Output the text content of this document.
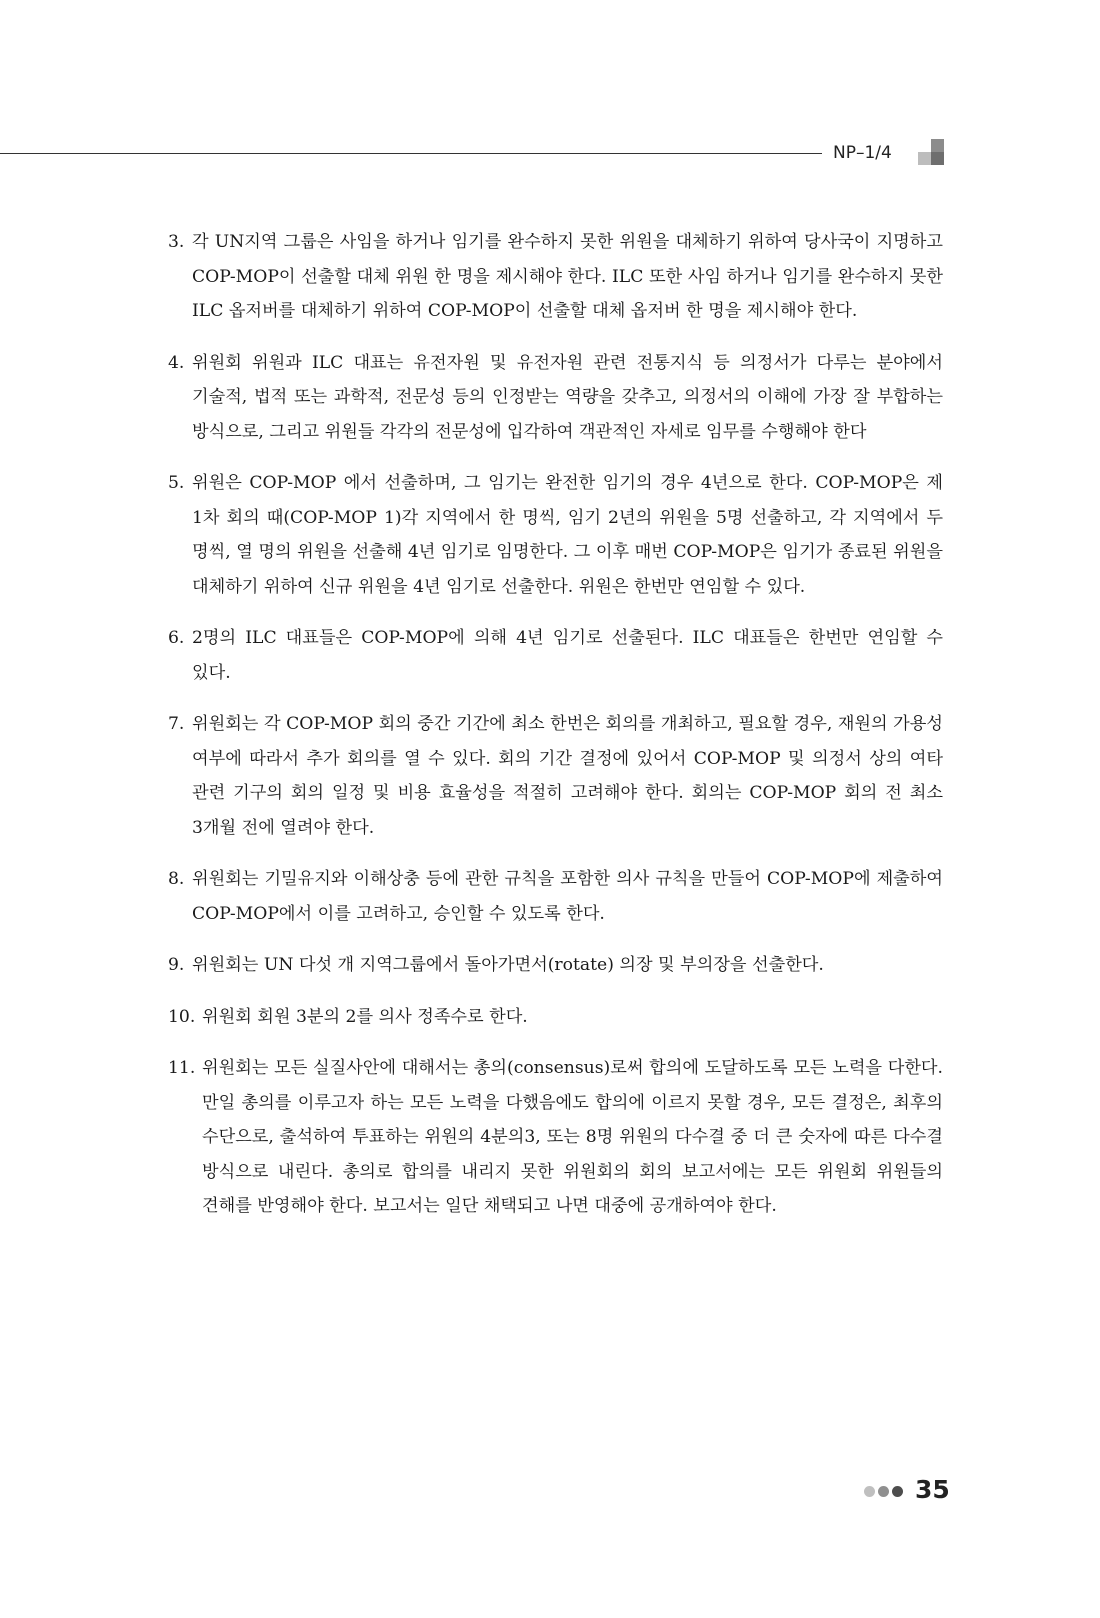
NP–1/4
3. 각 UN지역 그룹은 사임을 하거나 임기를 완수하지 못한 위원을 대체하기 위하여 당사국이 지명하고 COP-MOP이 선출할 대체 위원 한 명을 제시해야 한다. ILC 또한 사임 하거나 임기를 완수하지 못한 ILC 옵저버를 대체하기 위하여 COP-MOP이 선출할 대체 옵저버 한 명을 제시해야 한다.
4. 위원회 위원과 ILC 대표는 유전자원 및 유전자원 관련 전통지식 등 의정서가 다루는 분야에서 기술적, 법적 또는 과학적, 전문성 등의 인정받는 역량을 갖추고, 의정서의 이해에 가장 잘 부합하는 방식으로, 그리고 위원들 각각의 전문성에 입각하여 객관적인 자세로 임무를 수행해야 한다
5. 위원은 COP-MOP 에서 선출하며, 그 임기는 완전한 임기의 경우 4년으로 한다. COP-MOP은 제 1차 회의 때(COP-MOP 1)각 지역에서 한 명씩, 임기 2년의 위원을 5명 선출하고, 각 지역에서 두 명씩, 열 명의 위원을 선출해 4년 임기로 임명한다. 그 이후 매번 COP-MOP은 임기가 종료된 위원을 대체하기 위하여 신규 위원을 4년 임기로 선출한다. 위원은 한번만 연임할 수 있다.
6. 2명의 ILC 대표들은 COP-MOP에 의해 4년 임기로 선출된다. ILC 대표들은 한번만 연임할 수 있다.
7. 위원회는 각 COP-MOP 회의 중간 기간에 최소 한번은 회의를 개최하고, 필요할 경우, 재원의 가용성 여부에 따라서 추가 회의를 열 수 있다. 회의 기간 결정에 있어서 COP-MOP 및 의정서 상의 여타 관련 기구의 회의 일정 및 비용 효율성을 적절히 고려해야 한다. 회의는 COP-MOP 회의 전 최소 3개월 전에 열려야 한다.
8. 위원회는 기밀유지와 이해상충 등에 관한 규칙을 포함한 의사 규칙을 만들어 COP-MOP에 제출하여 COP-MOP에서 이를 고려하고, 승인할 수 있도록 한다.
9. 위원회는 UN 다섯 개 지역그룹에서 돌아가면서(rotate) 의장 및 부의장을 선출한다.
10. 위원회 회원 3분의 2를 의사 정족수로 한다.
11. 위원회는 모든 실질사안에 대해서는 총의(consensus)로써 합의에 도달하도록 모든 노력을 다한다. 만일 총의를 이루고자 하는 모든 노력을 다했음에도 합의에 이르지 못할 경우, 모든 결정은, 최후의 수단으로, 출석하여 투표하는 위원의 4분의3, 또는 8명 위원의 다수결 중 더 큰 숫자에 따른 다수결 방식으로 내린다. 총의로 합의를 내리지 못한 위원회의 회의 보고서에는 모든 위원회 위원들의 견해를 반영해야 한다. 보고서는 일단 채택되고 나면 대중에 공개하여야 한다.
35
